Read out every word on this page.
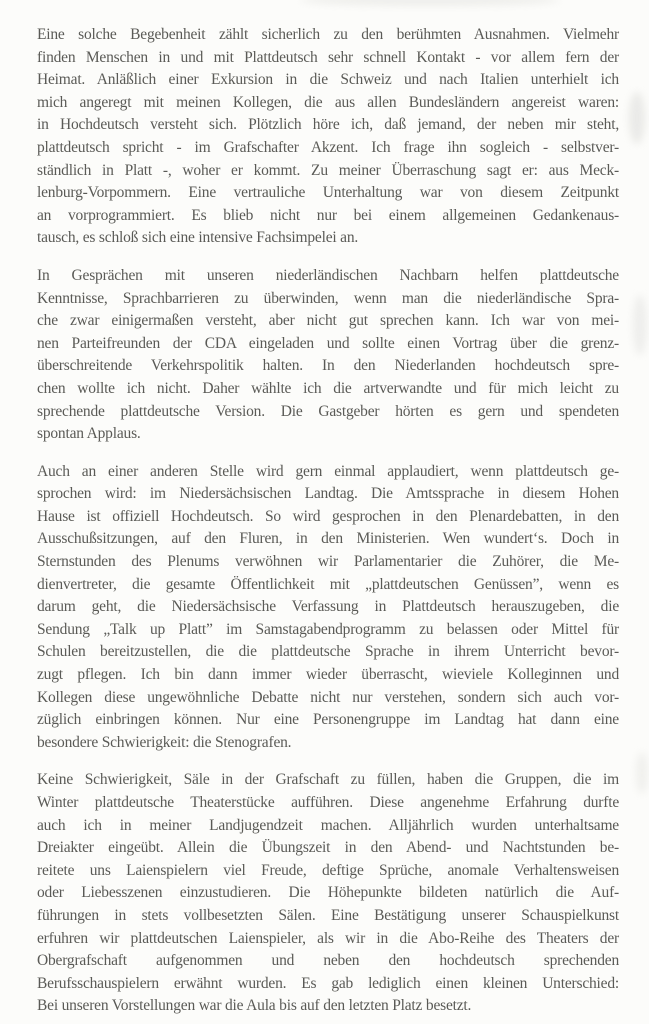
Eine solche Begebenheit zählt sicherlich zu den berühmten Ausnahmen. Vielmehr
finden Menschen in und mit Plattdeutsch sehr schnell Kontakt - vor allem fern der
Heimat. Anläßlich einer Exkursion in die Schweiz und nach Italien unterhielt ich
mich angeregt mit meinen Kollegen, die aus allen Bundesländern angereist waren:
in Hochdeutsch versteht sich. Plötzlich höre ich, daß jemand, der neben mir steht,
plattdeutsch spricht - im Grafschafter Akzent. Ich frage ihn sogleich - selbstver-
ständlich in Platt -, woher er kommt. Zu meiner Überraschung sagt er: aus Meck-
lenburg-Vorpommern. Eine vertrauliche Unterhaltung war von diesem Zeitpunkt
an vorprogrammiert. Es blieb nicht nur bei einem allgemeinen Gedankenaus-
tausch, es schloß sich eine intensive Fachsimpelei an.
In Gesprächen mit unseren niederländischen Nachbarn helfen plattdeutsche
Kenntnisse, Sprachbarrieren zu überwinden, wenn man die niederländische Spra-
che zwar einigermaßen versteht, aber nicht gut sprechen kann. Ich war von mei-
nen Parteifreunden der CDA eingeladen und sollte einen Vortrag über die grenz-
überschreitende Verkehrspolitik halten. In den Niederlanden hochdeutsch spre-
chen wollte ich nicht. Daher wählte ich die artverwandte und für mich leicht zu
sprechende plattdeutsche Version. Die Gastgeber hörten es gern und spendeten
spontan Applaus.
Auch an einer anderen Stelle wird gern einmal applaudiert, wenn plattdeutsch ge-
sprochen wird: im Niedersächsischen Landtag. Die Amtssprache in diesem Hohen
Hause ist offiziell Hochdeutsch. So wird gesprochen in den Plenardebatten, in den
Ausschußsitzungen, auf den Fluren, in den Ministerien. Wen wundert‘s. Doch in
Sternstunden des Plenums verwöhnen wir Parlamentarier die Zuhörer, die Me-
dienvertreter, die gesamte Öffentlichkeit mit „plattdeutschen Genüssen”, wenn es
darum geht, die Niedersächsische Verfassung in Plattdeutsch herauszugeben, die
Sendung „Talk up Platt” im Samstagabendprogramm zu belassen oder Mittel für
Schulen bereitzustellen, die die plattdeutsche Sprache in ihrem Unterricht bevor-
zugt pflegen. Ich bin dann immer wieder überrascht, wieviele Kolleginnen und
Kollegen diese ungewöhnliche Debatte nicht nur verstehen, sondern sich auch vor-
züglich einbringen können. Nur eine Personengruppe im Landtag hat dann eine
besondere Schwierigkeit: die Stenografen.
Keine Schwierigkeit, Säle in der Grafschaft zu füllen, haben die Gruppen, die im
Winter plattdeutsche Theaterstücke aufführen. Diese angenehme Erfahrung durfte
auch ich in meiner Landjugendzeit machen. Alljährlich wurden unterhaltsame
Dreiakter eingeübt. Allein die Übungszeit in den Abend- und Nachtstunden be-
reitete uns Laienspielern viel Freude, deftige Sprüche, anomale Verhaltensweisen
oder Liebesszenen einzustudieren. Die Höhepunkte bildeten natürlich die Auf-
führungen in stets vollbesetzten Sälen. Eine Bestätigung unserer Schauspielkunst
erfuhren wir plattdeutschen Laienspieler, als wir in die Abo-Reihe des Theaters der
Obergrafschaft aufgenommen und neben den hochdeutsch sprechenden
Berufsschauspielern erwähnt wurden. Es gab lediglich einen kleinen Unterschied:
Bei unseren Vorstellungen war die Aula bis auf den letzten Platz besetzt.
